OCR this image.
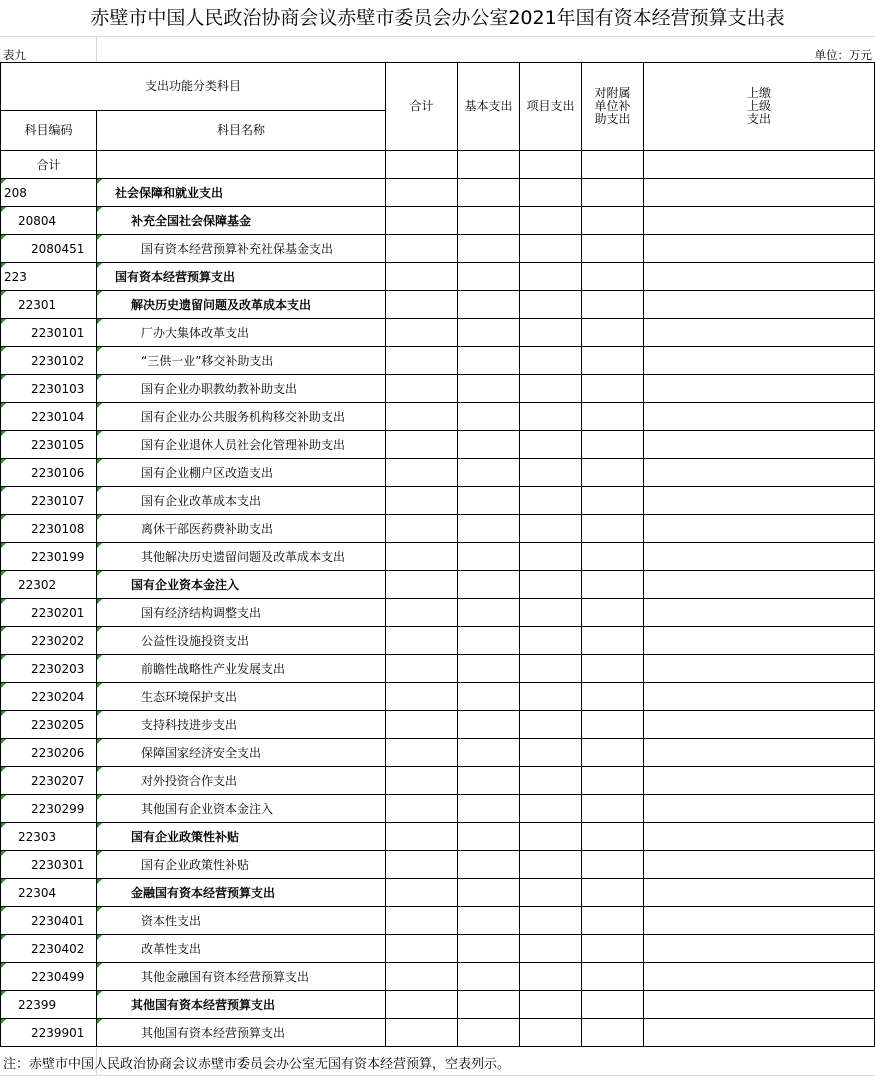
赤壁市中国人民政治协商会议赤壁市委员会办公室2021年国有资本经营预算支出表
表九	单位：万元
支出功能分类科目		合计	基本支出	项目支出	对附属单位补助支出	上缴上级支出
科目编码	科目名称					
合计						
208	社会保障和就业支出					
20804	补充全国社会保障基金					
2080451	国有资本经营预算补充社保基金支出					
223	国有资本经营预算支出					
22301	解决历史遗留问题及改革成本支出					
2230101	厂办大集体改革支出					
2230102	“三供一业”移交补助支出					
2230103	国有企业办职教幼教补助支出					
2230104	国有企业办公共服务机构移交补助支出					
2230105	国有企业退休人员社会化管理补助支出					
2230106	国有企业棚户区改造支出					
2230107	国有企业改革成本支出					
2230108	离休干部医药费补助支出					
2230199	其他解决历史遗留问题及改革成本支出					
22302	国有企业资本金注入					
2230201	国有经济结构调整支出					
2230202	公益性设施投资支出					
2230203	前瞻性战略性产业发展支出					
2230204	生态环境保护支出					
2230205	支持科技进步支出					
2230206	保障国家经济安全支出					
2230207	对外投资合作支出					
2230299	其他国有企业资本金注入					
22303	国有企业政策性补贴					
2230301	国有企业政策性补贴					
22304	金融国有资本经营预算支出					
2230401	资本性支出					
2230402	改革性支出					
2230499	其他金融国有资本经营预算支出					
22399	其他国有资本经营预算支出					
2239901	其他国有资本经营预算支出					
注：赤壁市中国人民政治协商会议赤壁市委员会办公室无国有资本经营预算，空表列示。
